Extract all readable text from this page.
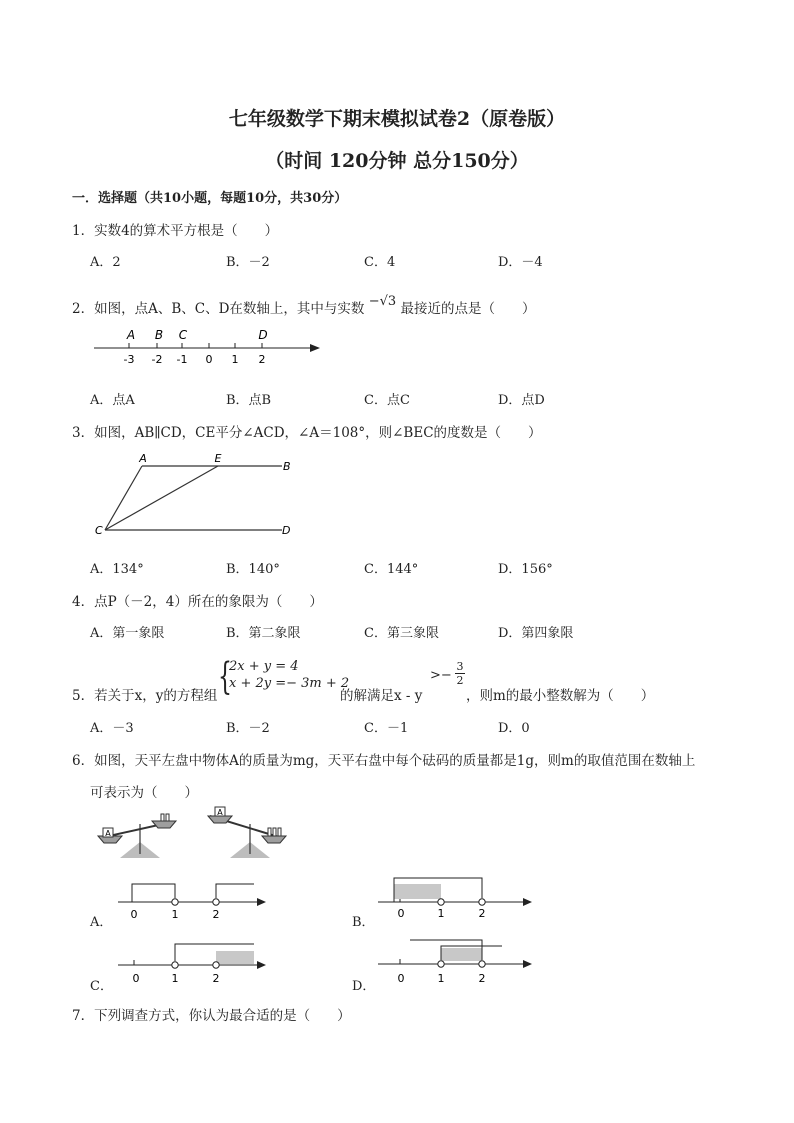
七年级数学下期末模拟试卷2（原卷版）
（时间 120分钟 总分150分）
一．选择题（共10小题，每题10分，共30分）
1．实数4的算术平方根是（　　）
A．2	B．－2	C．4	D．－4
2．如图，点A、B、C、D在数轴上，其中与实数 −√3 最接近的点是（　　）
A B C	D
-3 -2 -1 0 1 2
A．点A	B．点B	C．点C	D．点D
3．如图，AB∥CD，CE平分∠ACD，∠A＝108°，则∠BEC的度数是（　　）
A	E
B
C	D
A．134°	B．140°	C．144°	D．156°
4．点P（－2，4）所在的象限为（　　）
A．第一象限	B．第二象限	C．第三象限	D．第四象限
5．若关于x，y的方程组 {
2x + y = 4
x + 2y =− 3m + 2
的解满足x - y
>− $\frac{3}{2}$
，则m的最小整数解为（　　）
A．－3	B．－2	C．－1	D．0
6．如图，天平左盘中物体A的质量为mg，天平右盘中每个砝码的质量都是1g，则m的取值范围在数轴上
可表示为（　　）
A
A
A．
0	1	2
B．
0	1	2
C．
0	1	2
D．
0	1	2
7．下列调查方式，你认为最合适的是（　　）
